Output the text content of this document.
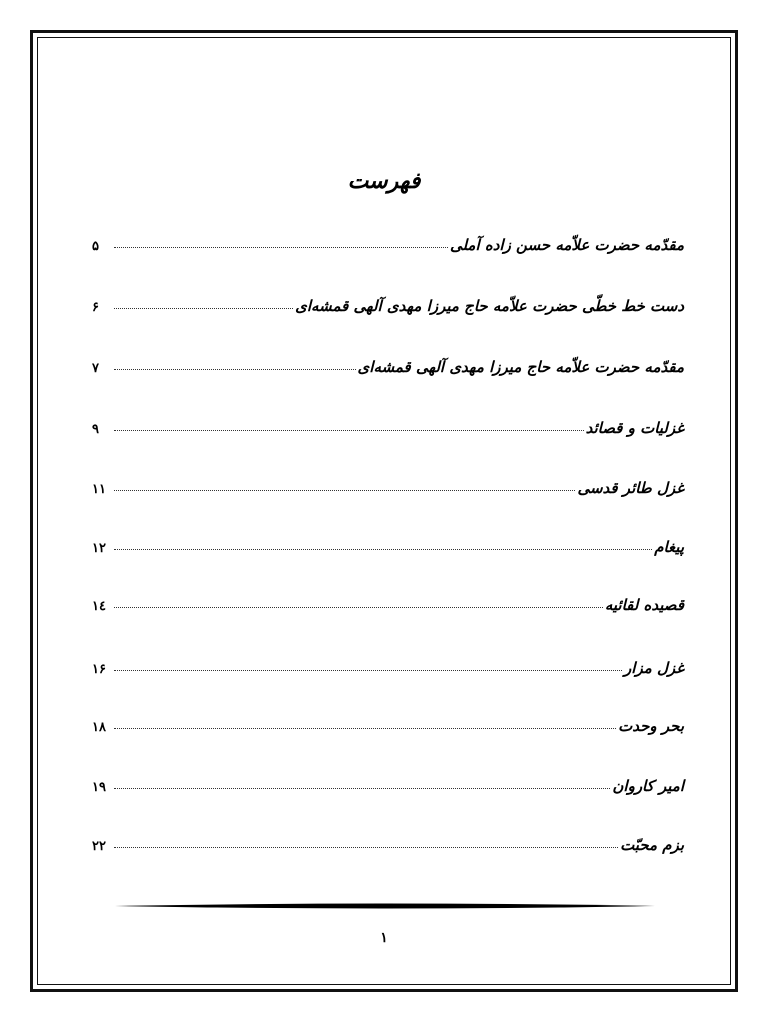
فهرست
مقدّمه حضرت علاّمه حسن زاده آملی
۵
دست خط خطّی حضرت علاّمه حاج میرزا مهدی آلهی قمشه‌ای
۶
مقدّمه حضرت علاّمه حاج میرزا مهدی آلهی قمشه‌ای
۷
غزلیات و قصائد
۹
غزل طائر قدسی
۱۱
پیغام
۱۲
قصیده لقائیه
۱٤
غزل مزار
۱۶
بحر وحدت
۱۸
امیر کاروان
۱۹
بزم محبّت
۲۲
۱
